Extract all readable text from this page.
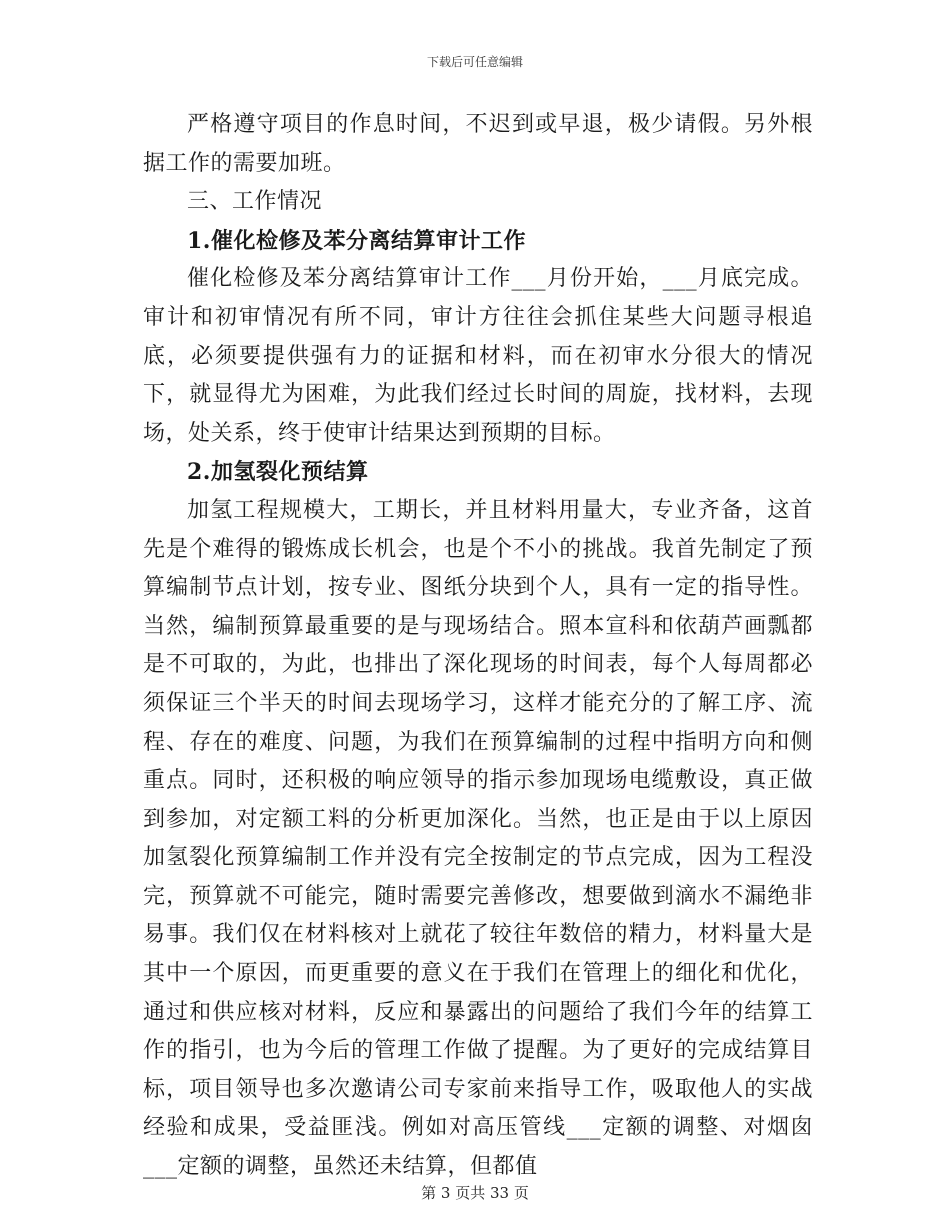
下载后可任意编辑

严格遵守项目的作息时间，不迟到或早退，极少请假。另外根据工作的需要加班。

三、工作情况

1.催化检修及苯分离结算审计工作

催化检修及苯分离结算审计工作___月份开始，___月底完成。审计和初审情况有所不同，审计方往往会抓住某些大问题寻根追底，必须要提供强有力的证据和材料，而在初审水分很大的情况下，就显得尤为困难，为此我们经过长时间的周旋，找材料，去现场，处关系，终于使审计结果达到预期的目标。

2.加氢裂化预结算

加氢工程规模大，工期长，并且材料用量大，专业齐备，这首先是个难得的锻炼成长机会，也是个不小的挑战。我首先制定了预算编制节点计划，按专业、图纸分块到个人，具有一定的指导性。当然，编制预算最重要的是与现场结合。照本宣科和依葫芦画瓢都是不可取的，为此，也排出了深化现场的时间表，每个人每周都必须保证三个半天的时间去现场学习，这样才能充分的了解工序、流程、存在的难度、问题，为我们在预算编制的过程中指明方向和侧重点。同时，还积极的响应领导的指示参加现场电缆敷设，真正做到参加，对定额工料的分析更加深化。当然，也正是由于以上原因加氢裂化预算编制工作并没有完全按制定的节点完成，因为工程没完，预算就不可能完，随时需要完善修改，想要做到滴水不漏绝非易事。我们仅在材料核对上就花了较往年数倍的精力，材料量大是其中一个原因，而更重要的意义在于我们在管理上的细化和优化，通过和供应核对材料，反应和暴露出的问题给了我们今年的结算工作的指引，也为今后的管理工作做了提醒。为了更好的完成结算目标，项目领导也多次邀请公司专家前来指导工作，吸取他人的实战经验和成果，受益匪浅。例如对高压管线___定额的调整、对烟囱___定额的调整，虽然还未结算，但都值

第 3 页共 33 页
